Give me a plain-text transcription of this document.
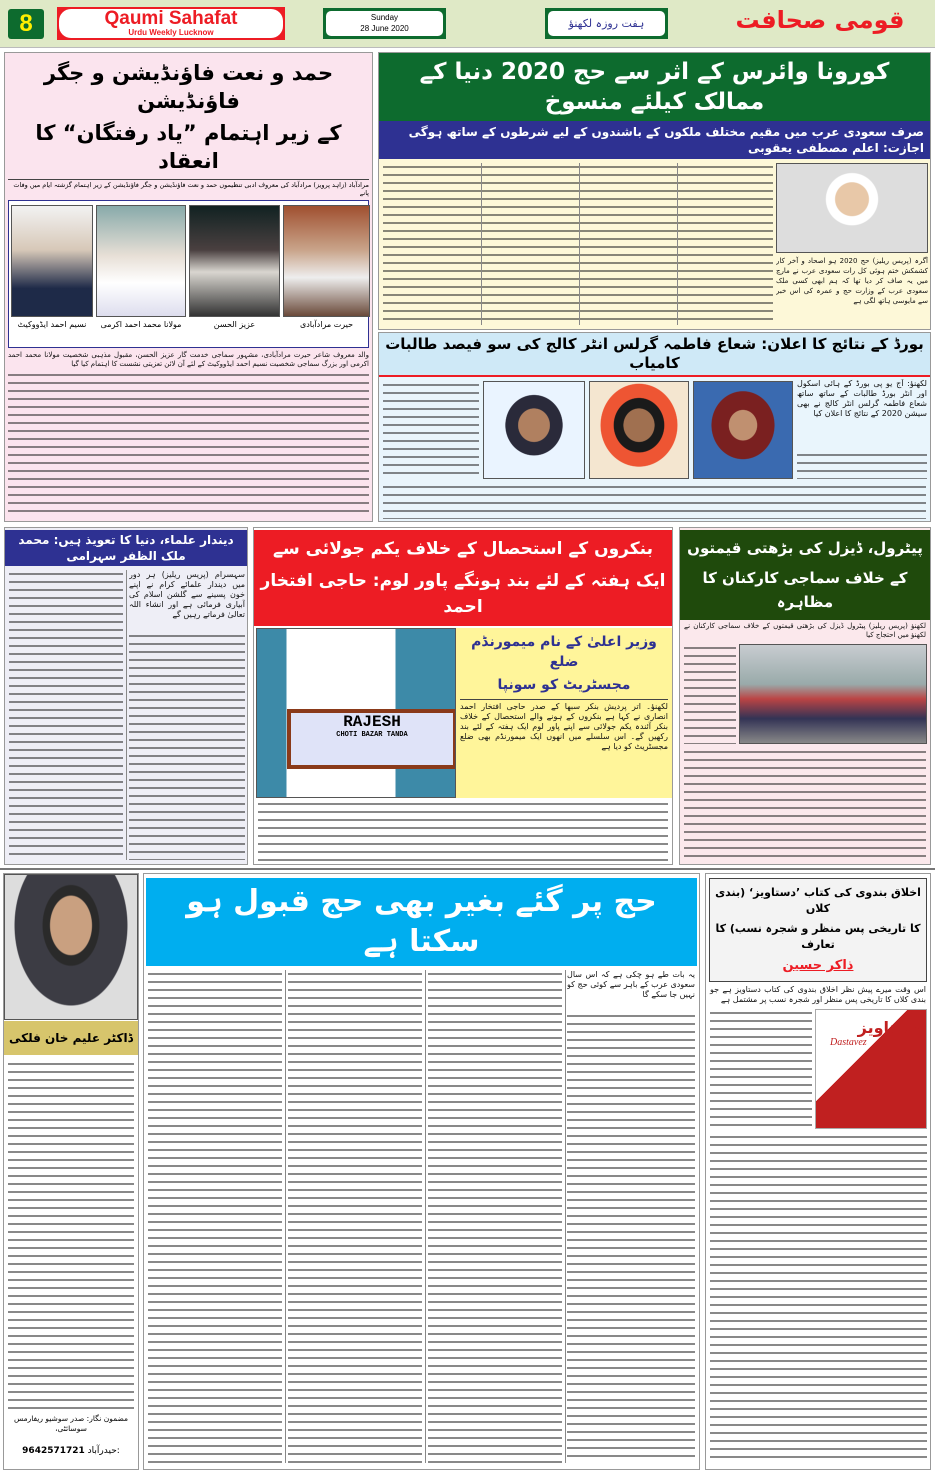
8	Qaumi Sahafat
Urdu Weekly Lucknow
Sunday
28 June 2020	ہفت روزہ لکھنؤ	قومی صحافت
حمد و نعت فاؤنڈیشن و جگر فاؤنڈیشن
کے زیر اہتمام ”یاد رفتگان“ کا انعقاد
مرادآباد (زاہد پرویز) مرادآباد کی معروف ادبی تنظیموں حمد و نعت فاؤنڈیشن و جگر فاؤنڈیشن کے زیر اہتمام گزشتہ ایام میں وفات پانے
نسیم احمد ایڈووکیٹ	مولانا محمد احمد اکرمی	عزیز الحسن	حیرت مرادآبادی
والد معروف شاعر حیرت مرادآبادی، مشہور سماجی خدمت گار عزیز الحسن، مقبول مذہبی شخصیت مولانا محمد احمد اکرمی اور بزرگ سماجی شخصیت نسیم احمد ایڈووکیٹ کے لئے آن لائن تعزیتی نشست کا اہتمام کیا گیا
کورونا وائرس کے اثر سے حج 2020 دنیا کے ممالک کیلئے منسوخ
صرف سعودی عرب میں مقیم مختلف ملکوں کے باشندوں کے لیے شرطوں کے ساتھ ہوگی اجازت: اعلم مصطفی یعقوبی
آگرہ (پریس ریلیز) حج 2020 ہو اصحاد و آخر کار کشمکش ختم ہوئی کل رات سعودی عرب نے مارچ میں یہ صاف کر دیا تھا کہ ہم ابھی کسی ملک سعودی عرب کے وزارت حج و عمرہ کی اس خبر سے مایوسی ہاتھ لگی ہے
بورڈ کے نتائج کا اعلان: شعاع فاطمہ گرلس انٹر کالج کی سو فیصد طالبات کامیاب
لکھنؤ: آج یو پی بورڈ کے ہائی اسکول اور انٹر بورڈ طالبات کے ساتھ ساتھ شعاع فاطمہ گرلس انٹر کالج نے بھی سیشن 2020 کے نتائج کا اعلان کیا
دیندار علماء، دنیا کا تعویذ ہیں: محمد ملک الظفر سہرامی
سہسرام (پریس ریلیز) ہر دور میں دیندار علمائے کرام نے اپنے خون پسینے سے گلشن اسلام کی آبیاری فرمائی ہے اور انشاء اللہ تعالیٰ فرماتے رہیں گے
بنکروں کے استحصال کے خلاف یکم جولائی سے
ایک ہفتہ کے لئے بند ہونگے پاور لوم: حاجی افتخار احمد
RAJESH
CHOTI BAZAR TANDA
وزیر اعلیٰ کے نام میمورنڈم ضلع
مجسٹریٹ کو سونپا
لکھنؤ۔ اتر پردیش بنکر سبھا کے صدر حاجی افتخار احمد انصاری نے کہا ہے بنکروں کے ہونے والے استحصال کے خلاف بنکر آئندہ یکم جولائی سے اپنے پاور لوم ایک ہفتہ کے لئے بند رکھیں گے۔ اس سلسلے میں انھوں ایک میمورنڈم بھی ضلع مجسٹریٹ کو دیا ہے
پیٹرول، ڈیزل کی بڑھتی قیمتوں
کے خلاف سماجی کارکنان کا مظاہرہ
لکھنؤ (پریس ریلیز) پیٹرول ڈیزل کی بڑھتی قیمتوں کے خلاف سماجی کارکنان نے لکھنؤ میں احتجاج کیا
ڈاکٹر علیم خان فلکی
مضمون نگار: صدر سوشیو ریفارمس سوسائٹی،
9642571721 حیدرآباد:
حج پر گئے بغیر بھی حج قبول ہو سکتا ہے
یہ بات طے ہو چکی ہے کہ اس سال سعودی عرب کے باہر سے کوئی حج کو نہیں جا سکے گا
اخلاق بندوی کی کتاب ’دستاویز‘ (بندی کلاں
کا تاریخی پس منظر و شجرہ نسب) کا تعارف
ذاکر حسین
اس وقت میرے پیش نظر اخلاق بندوی کی کتاب دستاویز ہے جو بندی کلاں کا تاریخی پس منظر اور شجرہ نسب پر مشتمل ہے
دستاویز
Dastavez
